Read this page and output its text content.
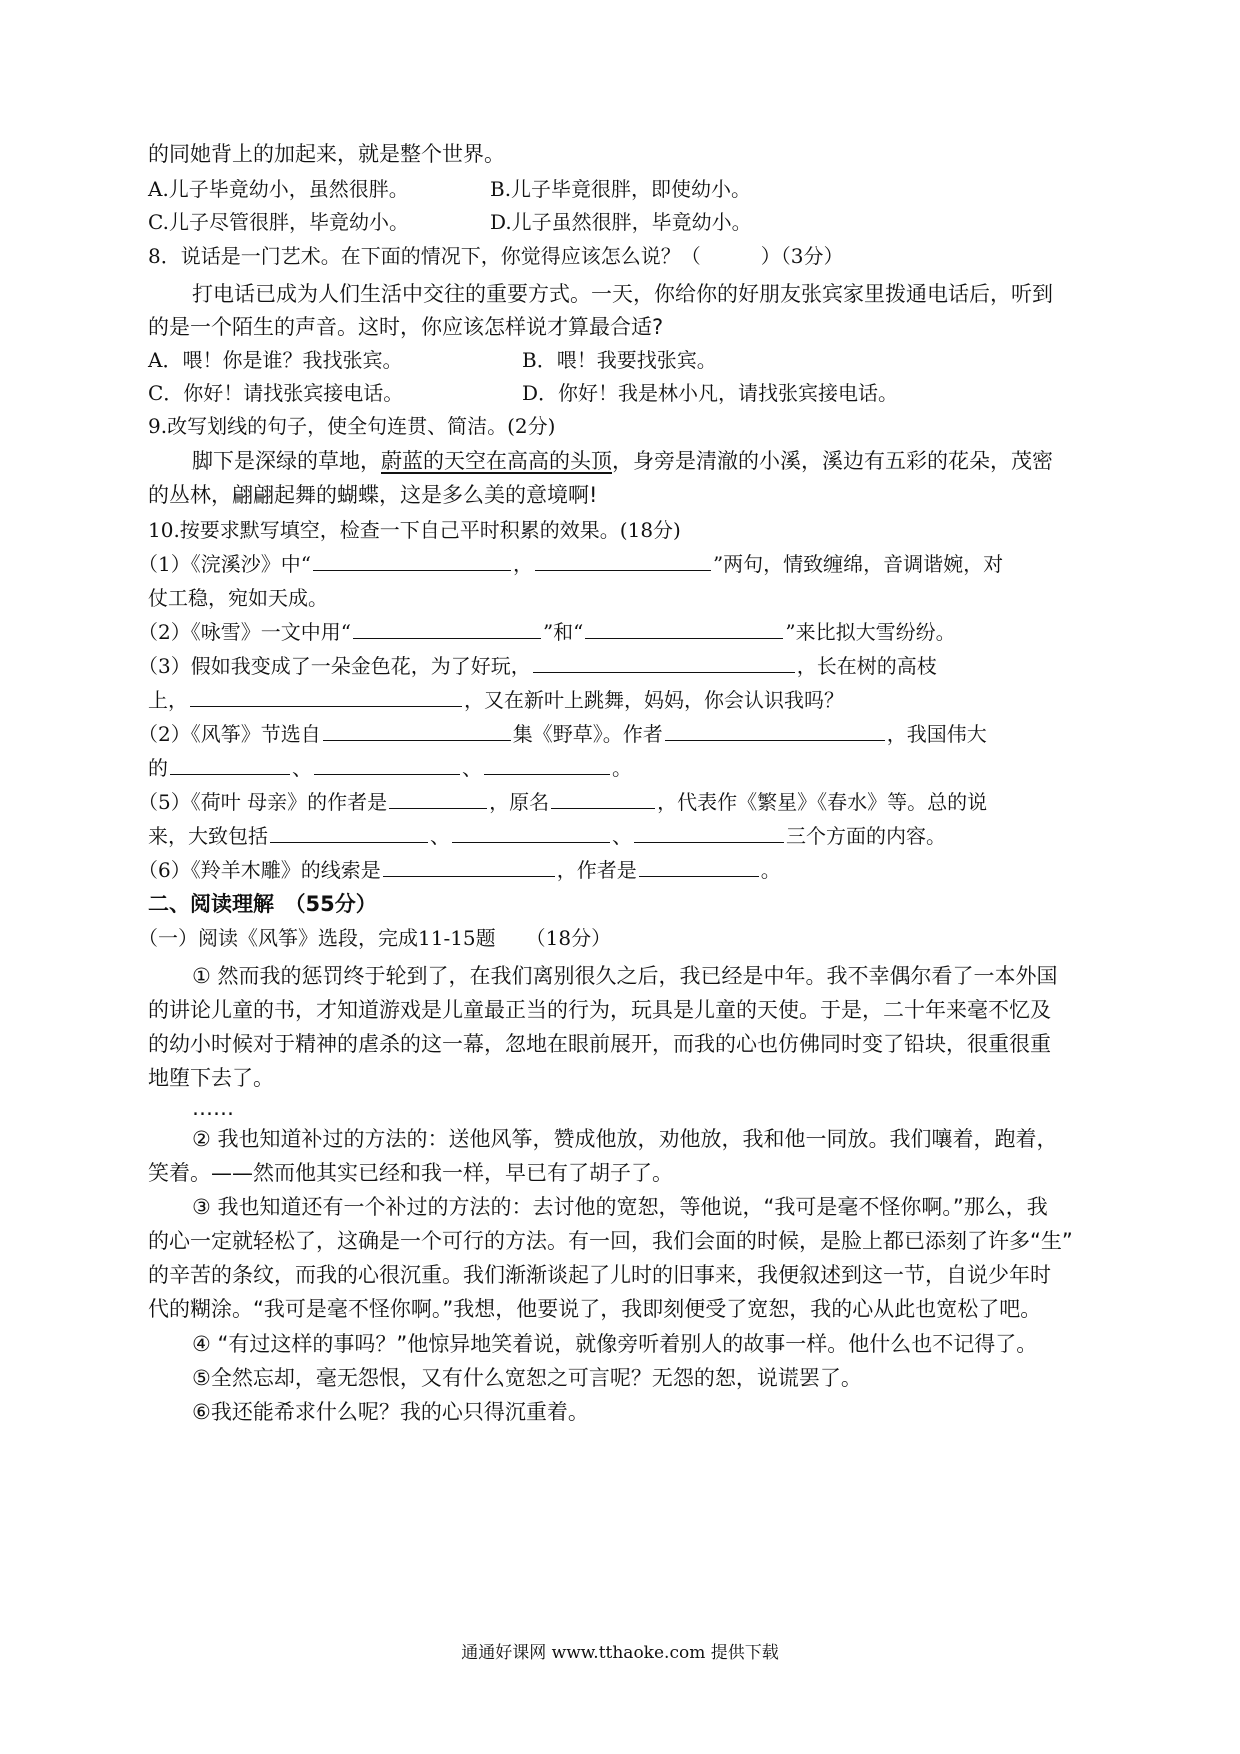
的同她背上的加起来，就是整个世界。
A.儿子毕竟幼小，虽然很胖。	B.儿子毕竟很胖，即使幼小。
C.儿子尽管很胖，毕竟幼小。	D.儿子虽然很胖，毕竟幼小。
8．说话是一门艺术。在下面的情况下，你觉得应该怎么说？（　　　）（3分）
打电话已成为人们生活中交往的重要方式。一天，你给你的好朋友张宾家里拨通电话后，听到
的是一个陌生的声音。这时，你应该怎样说才算最合适?
A．喂！你是谁？我找张宾。	B．喂！我要找张宾。
C．你好！请找张宾接电话。	D．你好！我是林小凡，请找张宾接电话。
9.改写划线的句子，使全句连贯、简洁。(2分)
脚下是深绿的草地，蔚蓝的天空在高高的头顶，身旁是清澈的小溪，溪边有五彩的花朵，茂密
的丛林，翩翩起舞的蝴蝶，这是多么美的意境啊!
10.按要求默写填空，检查一下自己平时积累的效果。(18分)
（1）《浣溪沙》中“	，	”两句，情致缠绵，音调谐婉，对
仗工稳，宛如天成。
（2）《咏雪》一文中用“	”和“	”来比拟大雪纷纷。
（3）假如我变成了一朵金色花，为了好玩，	，长在树的高枝
上，	，又在新叶上跳舞，妈妈，你会认识我吗？
（2）《风筝》节选自	集《野草》。作者	，我国伟大
的	、	、	。
（5）《荷叶 母亲》的作者是	，原名	，代表作《繁星》《春水》等。总的说
来，大致包括	、	、	三个方面的内容。
（6）《羚羊木雕》的线索是	，作者是	。
二、阅读理解　（55分）
（一）阅读《风筝》选段，完成11-15题　　（18分）
① 然而我的惩罚终于轮到了，在我们离别很久之后，我已经是中年。我不幸偶尔看了一本外国
的讲论儿童的书，才知道游戏是儿童最正当的行为，玩具是儿童的天使。于是，二十年来毫不忆及
的幼小时候对于精神的虐杀的这一幕，忽地在眼前展开，而我的心也仿佛同时变了铅块，很重很重
地堕下去了。
……
② 我也知道补过的方法的：送他风筝，赞成他放，劝他放，我和他一同放。我们嚷着，跑着，
笑着。——然而他其实已经和我一样，早已有了胡子了。
③ 我也知道还有一个补过的方法的：去讨他的宽恕，等他说，“我可是毫不怪你啊。”那么，我
的心一定就轻松了，这确是一个可行的方法。有一回，我们会面的时候，是脸上都已添刻了许多“生”
的辛苦的条纹，而我的心很沉重。我们渐渐谈起了儿时的旧事来，我便叙述到这一节，自说少年时
代的糊涂。“我可是毫不怪你啊。”我想，他要说了，我即刻便受了宽恕，我的心从此也宽松了吧。
④ “有过这样的事吗？”他惊异地笑着说，就像旁听着别人的故事一样。他什么也不记得了。
⑤全然忘却，毫无怨恨，又有什么宽恕之可言呢？无怨的恕，说谎罢了。
⑥我还能希求什么呢？我的心只得沉重着。
通通好课网 www.tthaoke.com 提供下载
